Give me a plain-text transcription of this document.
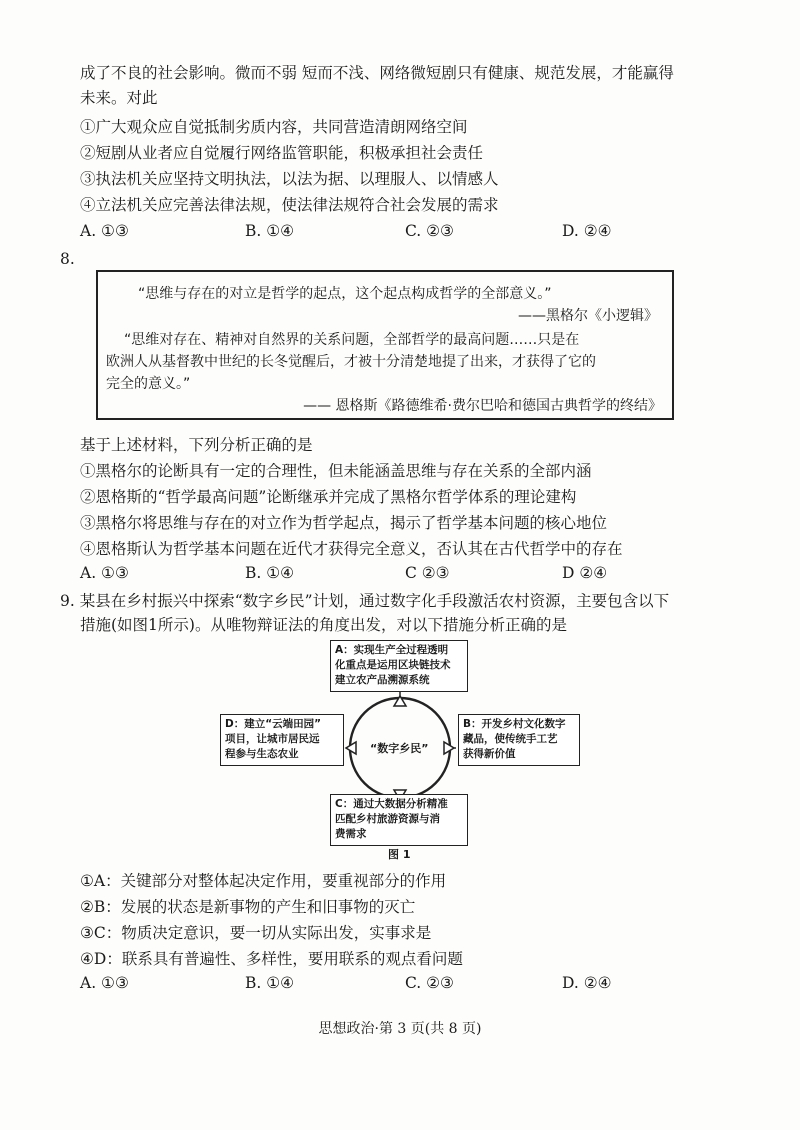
成了不良的社会影响。微而不弱 短而不浅、网络微短剧只有健康、规范发展，才能赢得
未来。对此
①广大观众应自觉抵制劣质内容，共同营造清朗网络空间
②短剧从业者应自觉履行网络监管职能，积极承担社会责任
③执法机关应坚持文明执法，以法为据、以理服人、以情感人
④立法机关应完善法律法规，使法律法规符合社会发展的需求
A. ①③	B. ①④	C. ②③	D. ②④
8.
“思维与存在的对立是哲学的起点，这个起点构成哲学的全部意义。”
——黑格尔《小逻辑》
“思维对存在、精神对自然界的关系问题，全部哲学的最高问题……只是在
欧洲人从基督教中世纪的长冬觉醒后，才被十分清楚地提了出来，才获得了它的
完全的意义。”
—— 恩格斯《路德维希·费尔巴哈和德国古典哲学的终结》
基于上述材料，下列分析正确的是
①黑格尔的论断具有一定的合理性，但未能涵盖思维与存在关系的全部内涵
②恩格斯的“哲学最高问题”论断继承并完成了黑格尔哲学体系的理论建构
③黑格尔将思维与存在的对立作为哲学起点，揭示了哲学基本问题的核心地位
④恩格斯认为哲学基本问题在近代才获得完全意义，否认其在古代哲学中的存在
A. ①③	B. ①④	C ②③	D ②④
9. 某县在乡村振兴中探索“数字乡民”计划，通过数字化手段激活农村资源，主要包含以下
措施(如图1所示)。从唯物辩证法的角度出发，对以下措施分析正确的是
A：实现生产全过程透明
化重点是运用区块链技术
建立农产品溯源系统
B：开发乡村文化数字
藏品，使传统手工艺
获得新价值
C：通过大数据分析精准
匹配乡村旅游资源与消
费需求
D：建立“云端田园”
项目，让城市居民远
程参与生态农业	“数字乡民”
图 1
①A：关键部分对整体起决定作用，要重视部分的作用
②B：发展的状态是新事物的产生和旧事物的灭亡
③C：物质决定意识，要一切从实际出发，实事求是
④D：联系具有普遍性、多样性，要用联系的观点看问题
A. ①③	B. ①④	C. ②③	D. ②④
思想政治·第 3 页(共 8 页)
